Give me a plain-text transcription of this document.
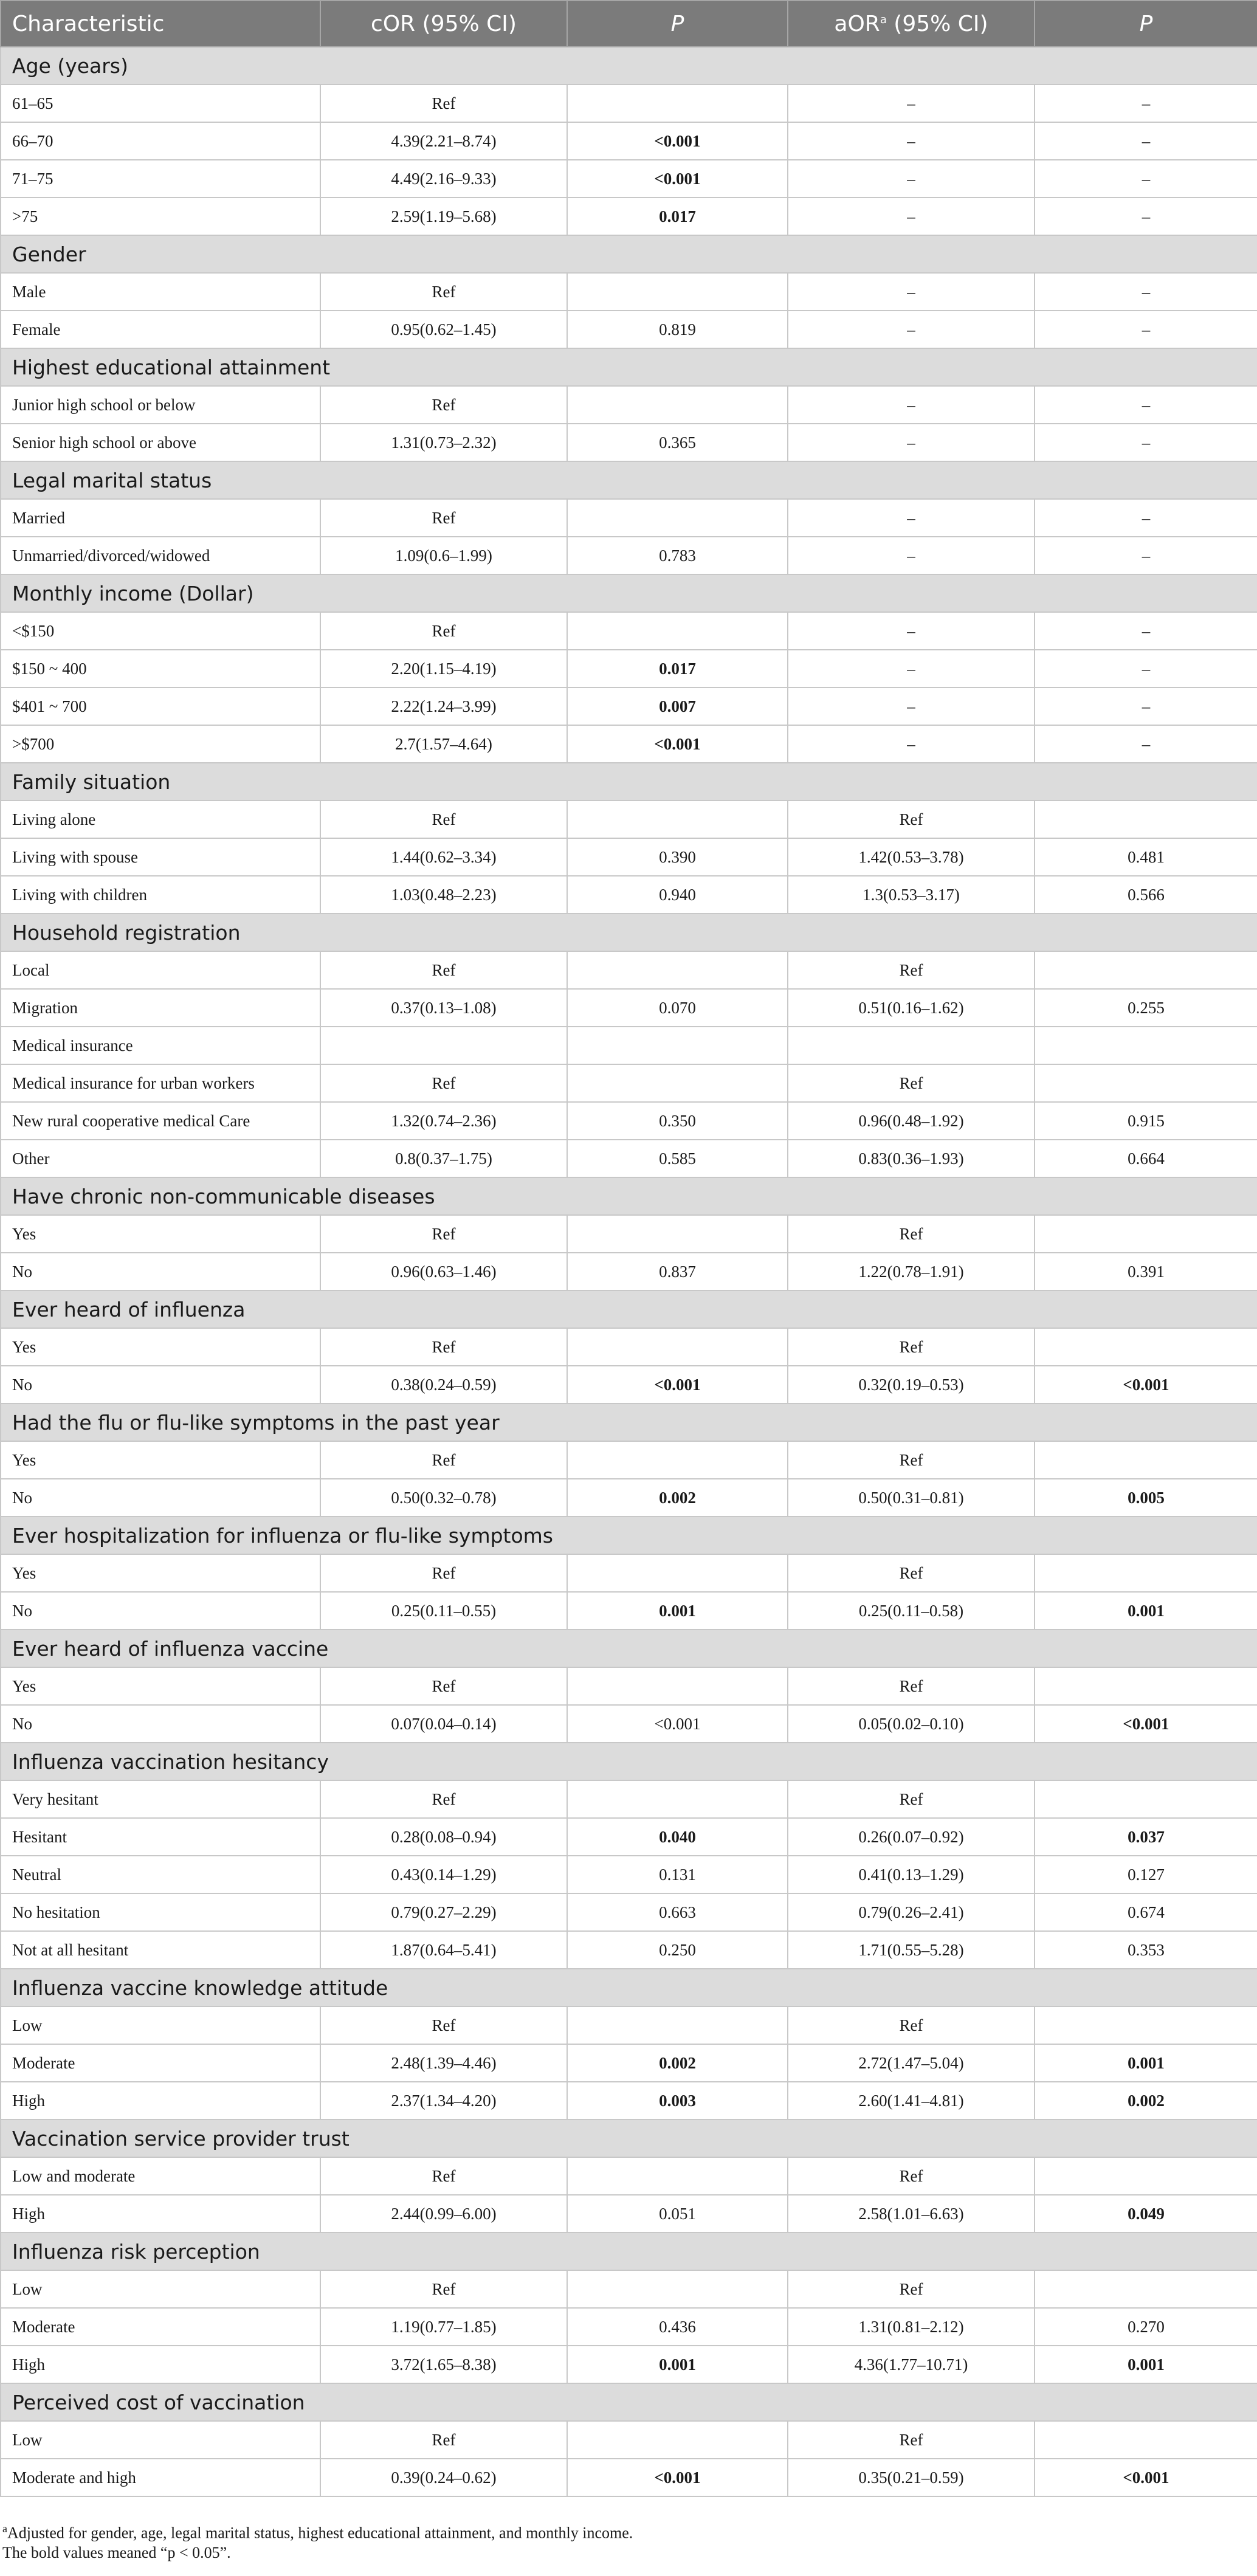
Characteristic	cOR (95% CI)	P	aOR$^a$ (95% CI)	P
Age (years)				
61–65	Ref		–	–
66–70	4.39(2.21–8.74)	<0.001	–	–
71–75	4.49(2.16–9.33)	<0.001	–	–
>75	2.59(1.19–5.68)	0.017	–	–
Gender				
Male	Ref		–	–
Female	0.95(0.62–1.45)	0.819	–	–
Highest educational attainment				
Junior high school or below	Ref		–	–
Senior high school or above	1.31(0.73–2.32)	0.365	–	–
Legal marital status				
Married	Ref		–	–
Unmarried/divorced/widowed	1.09(0.6–1.99)	0.783	–	–
Monthly income (Dollar)				
<$150	Ref		–	–
$150 ~ 400	2.20(1.15–4.19)	0.017	–	–
$401 ~ 700	2.22(1.24–3.99)	0.007	–	–
>$700	2.7(1.57–4.64)	<0.001	–	–
Family situation				
Living alone	Ref		Ref	
Living with spouse	1.44(0.62–3.34)	0.390	1.42(0.53–3.78)	0.481
Living with children	1.03(0.48–2.23)	0.940	1.3(0.53–3.17)	0.566
Household registration				
Local	Ref		Ref	
Migration	0.37(0.13–1.08)	0.070	0.51(0.16–1.62)	0.255
Medical insurance				
Medical insurance for urban workers	Ref		Ref	
New rural cooperative medical Care	1.32(0.74–2.36)	0.350	0.96(0.48–1.92)	0.915
Other	0.8(0.37–1.75)	0.585	0.83(0.36–1.93)	0.664
Have chronic non-communicable diseases				
Yes	Ref		Ref	
No	0.96(0.63–1.46)	0.837	1.22(0.78–1.91)	0.391
Ever heard of influenza				
Yes	Ref		Ref	
No	0.38(0.24–0.59)	<0.001	0.32(0.19–0.53)	<0.001
Had the flu or flu-like symptoms in the past year				
Yes	Ref		Ref	
No	0.50(0.32–0.78)	0.002	0.50(0.31–0.81)	0.005
Ever hospitalization for influenza or flu-like symptoms				
Yes	Ref		Ref	
No	0.25(0.11–0.55)	0.001	0.25(0.11–0.58)	0.001
Ever heard of influenza vaccine				
Yes	Ref		Ref	
No	0.07(0.04–0.14)	<0.001	0.05(0.02–0.10)	<0.001
Influenza vaccination hesitancy				
Very hesitant	Ref		Ref	
Hesitant	0.28(0.08–0.94)	0.040	0.26(0.07–0.92)	0.037
Neutral	0.43(0.14–1.29)	0.131	0.41(0.13–1.29)	0.127
No hesitation	0.79(0.27–2.29)	0.663	0.79(0.26–2.41)	0.674
Not at all hesitant	1.87(0.64–5.41)	0.250	1.71(0.55–5.28)	0.353
Influenza vaccine knowledge attitude				
Low	Ref		Ref	
Moderate	2.48(1.39–4.46)	0.002	2.72(1.47–5.04)	0.001
High	2.37(1.34–4.20)	0.003	2.60(1.41–4.81)	0.002
Vaccination service provider trust				
Low and moderate	Ref		Ref	
High	2.44(0.99–6.00)	0.051	2.58(1.01–6.63)	0.049
Influenza risk perception				
Low	Ref		Ref	
Moderate	1.19(0.77–1.85)	0.436	1.31(0.81–2.12)	0.270
High	3.72(1.65–8.38)	0.001	4.36(1.77–10.71)	0.001
Perceived cost of vaccination				
Low	Ref		Ref	
Moderate and high	0.39(0.24–0.62)	<0.001	0.35(0.21–0.59)	<0.001
$^a$Adjusted for gender, age, legal marital status, highest educational attainment, and monthly income.
The bold values meaned “p < 0.05”.
